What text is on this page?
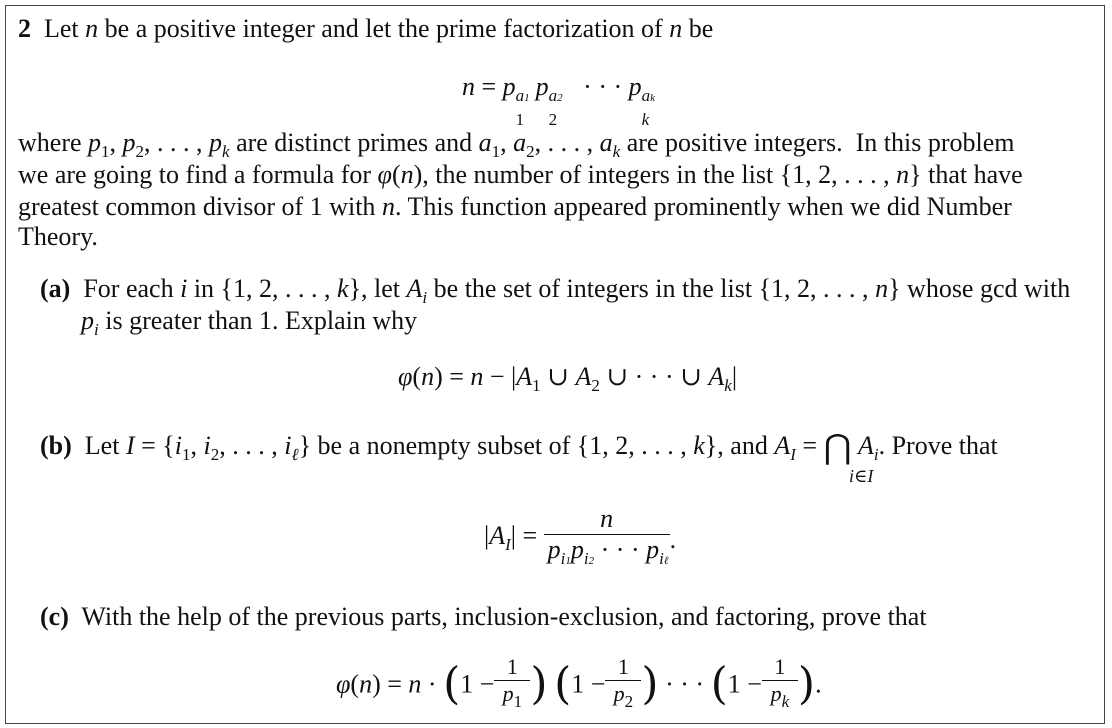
2  Let n be a positive integer and let the prime factorization of n be
n = p a1
1
p a2
2
· · · p ak
k
where $p_1$, $p_2$, . . . , $p_k$ are distinct primes and $a_1$, $a_2$, . . . , $a_k$ are positive integers.  In this problem
we are going to find a formula for φ(n), the number of integers in the list {1, 2, . . . , n} that have
greatest common divisor of 1 with n. This function appeared prominently when we did Number
Theory.
(a)  For each i in {1, 2, . . . , k}, let $A_i$ be the set of integers in the list {1, 2, . . . , n} whose gcd with
$p_i$ is greater than 1. Explain why
$\varphi(n) = n - |A_1$ ∪ $A_2$ ∪ · · · ∪ $A_k|$
(b)  Let $I = \{i_1$, $i_2$, . . . , $i_\ell$} be a nonempty subset of {1, 2, . . . , k}, and $A_I$ = ⋂ $A_i$. Prove that
i∈I
$|A_I| = \frac{n}{p_{i1}p_{i2} \cdot \cdot \cdot p_{i\ell}}$ .
(c)  With the help of the previous parts, inclusion-exclusion, and factoring, prove that
$\varphi(n) = n \cdot (1 - \frac{1}{p_1}$ ) ($1 - \frac{1}{p_2}$ ) · · · ($1 - \frac{1}{p_k}$ ).
